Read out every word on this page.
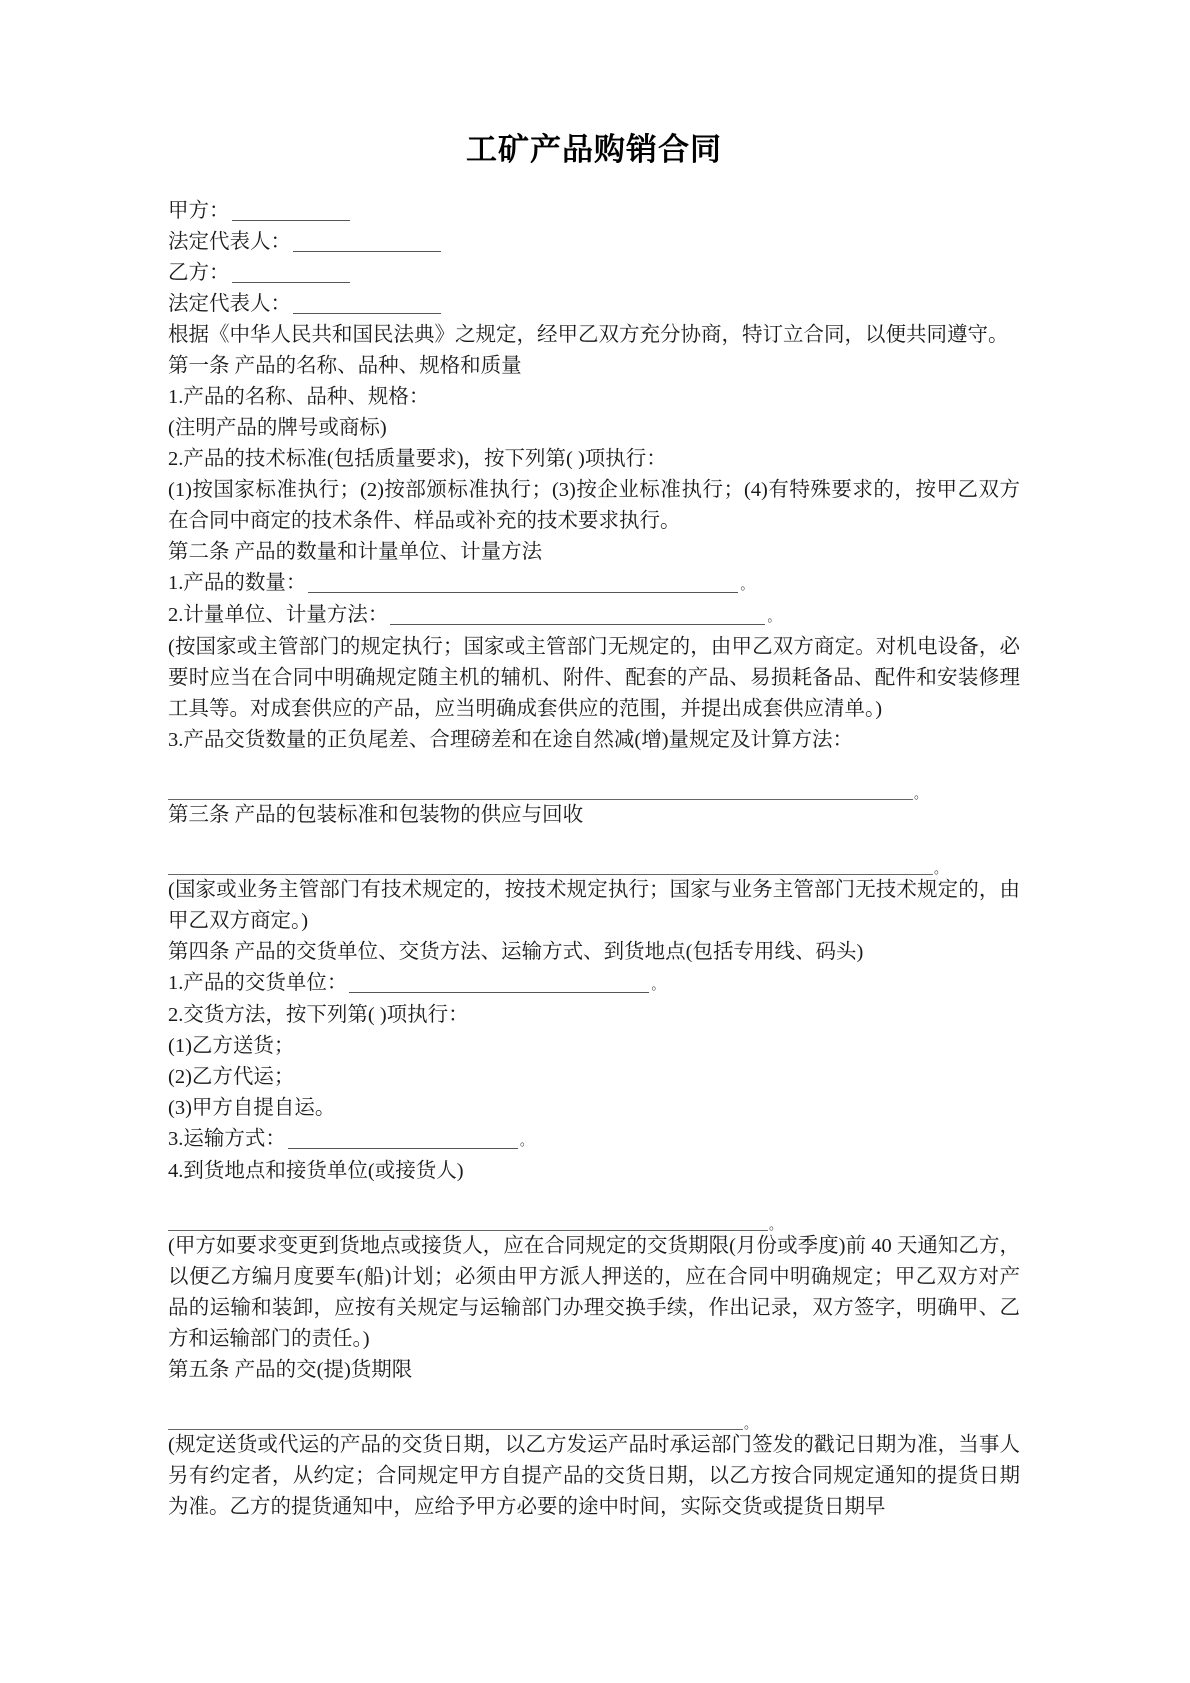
工矿产品购销合同

甲方：

法定代表人：

乙方：

法定代表人：

根据《中华人民共和国民法典》之规定，经甲乙双方充分协商，特订立合同，以便共同遵守。

第一条 产品的名称、品种、规格和质量

1.产品的名称、品种、规格：

(注明产品的牌号或商标)

2.产品的技术标准(包括质量要求)，按下列第( )项执行：

(1)按国家标准执行；(2)按部颁标准执行；(3)按企业标准执行；(4)有特殊要求的，按甲乙双方在合同中商定的技术条件、样品或补充的技术要求执行。

第二条 产品的数量和计量单位、计量方法

1.产品的数量：	。

2.计量单位、计量方法：	。

(按国家或主管部门的规定执行；国家或主管部门无规定的，由甲乙双方商定。对机电设备，必要时应当在合同中明确规定随主机的辅机、附件、配套的产品、易损耗备品、配件和安装修理工具等。对成套供应的产品，应当明确成套供应的范围，并提出成套供应清单。)

3.产品交货数量的正负尾差、合理磅差和在途自然减(增)量规定及计算方法：

。

第三条 产品的包装标准和包装物的供应与回收

。

(国家或业务主管部门有技术规定的，按技术规定执行；国家与业务主管部门无技术规定的，由甲乙双方商定。)

第四条 产品的交货单位、交货方法、运输方式、到货地点(包括专用线、码头)

1.产品的交货单位：	。

2.交货方法，按下列第( )项执行：

(1)乙方送货；

(2)乙方代运；

(3)甲方自提自运。

3.运输方式：	。

4.到货地点和接货单位(或接货人)

。

(甲方如要求变更到货地点或接货人，应在合同规定的交货期限(月份或季度)前 40 天通知乙方，以便乙方编月度要车(船)计划；必须由甲方派人押送的，应在合同中明确规定；甲乙双方对产品的运输和装卸，应按有关规定与运输部门办理交换手续，作出记录，双方签字，明确甲、乙方和运输部门的责任。)

第五条 产品的交(提)货期限

。

(规定送货或代运的产品的交货日期，以乙方发运产品时承运部门签发的戳记日期为准，当事人另有约定者，从约定；合同规定甲方自提产品的交货日期，以乙方按合同规定通知的提货日期为准。乙方的提货通知中，应给予甲方必要的途中时间，实际交货或提货日期早
